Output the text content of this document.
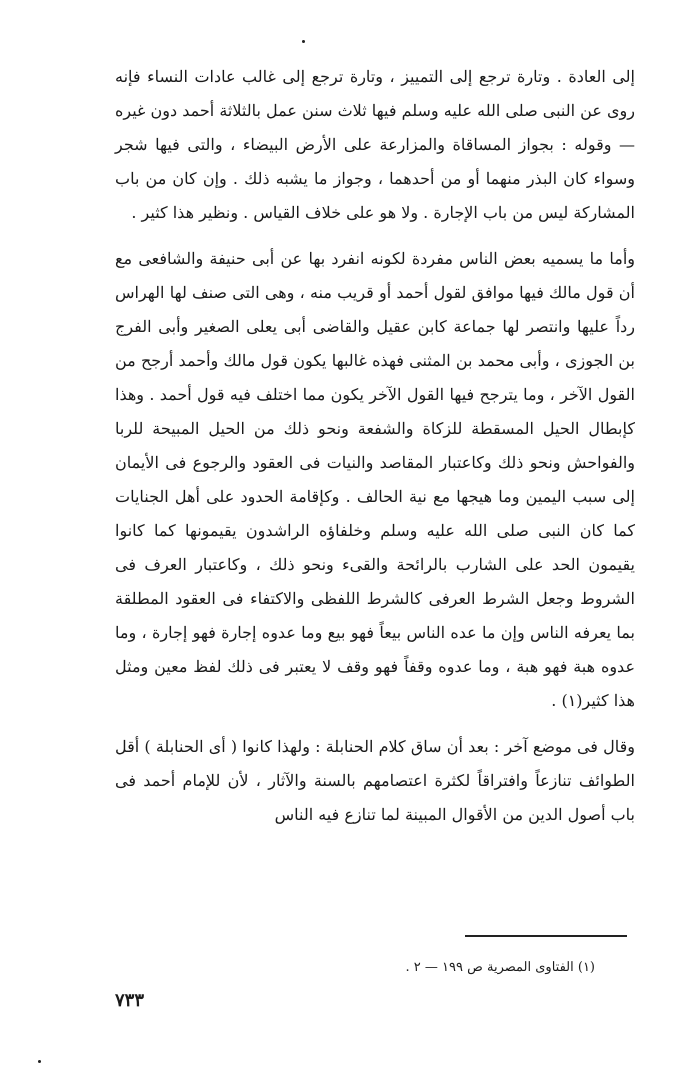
إلى العادة . وتارة ترجع إلى التمييز ، وتارة ترجع إلى غالب عادات النساء فإنه روى عن النبى صلى الله عليه وسلم فيها ثلاث سنن عمل بالثلاثة أحمد دون غيره — وقوله : بجواز المساقاة والمزارعة على الأرض البيضاء ، والتى فيها شجر وسواء كان البذر منهما أو من أحدهما ، وجواز ما يشبه ذلك . وإن كان من باب المشاركة ليس من باب الإجارة . ولا هو على خلاف القياس . ونظير هذا كثير .

وأما ما يسميه بعض الناس مفردة لكونه انفرد بها عن أبى حنيفة والشافعى مع أن قول مالك فيها موافق لقول أحمد أو قريب منه ، وهى التى صنف لها الهراس رداً عليها وانتصر لها جماعة كابن عقيل والقاضى أبى يعلى الصغير وأبى الفرج بن الجوزى ، وأبى محمد بن المثنى فهذه غالبها يكون قول مالك وأحمد أرجح من القول الآخر ، وما يترجح فيها القول الآخر يكون مما اختلف فيه قول أحمد . وهذا كإبطال الحيل المسقطة للزكاة والشفعة ونحو ذلك من الحيل المبيحة للربا والفواحش ونحو ذلك وكاعتبار المقاصد والنيات فى العقود والرجوع فى الأيمان إلى سبب اليمين وما هيجها مع نية الحالف . وكإقامة الحدود على أهل الجنايات كما كان النبى صلى الله عليه وسلم وخلفاؤه الراشدون يقيمونها كما كانوا يقيمون الحد على الشارب بالرائحة والقىء ونحو ذلك ، وكاعتبار العرف فى الشروط وجعل الشرط العرفى كالشرط اللفظى والاكتفاء فى العقود المطلقة بما يعرفه الناس وإن ما عده الناس بيعاً فهو بيع وما عدوه إجارة فهو إجارة ، وما عدوه هبة فهو هبة ، وما عدوه وقفاً فهو وقف لا يعتبر فى ذلك لفظ معين ومثل هذا كثير(١) .

وقال فى موضع آخر : بعد أن ساق كلام الحنابلة : ولهذا كانوا ( أى الحنابلة ) أقل الطوائف تنازعاً وافتراقاً لكثرة اعتصامهم بالسنة والآثار ، لأن للإمام أحمد فى باب أصول الدين من الأقوال المبينة لما تنازع فيه الناس

(١) الفتاوى المصرية ص ١٩٩ — ٢ .
٧٣٣
